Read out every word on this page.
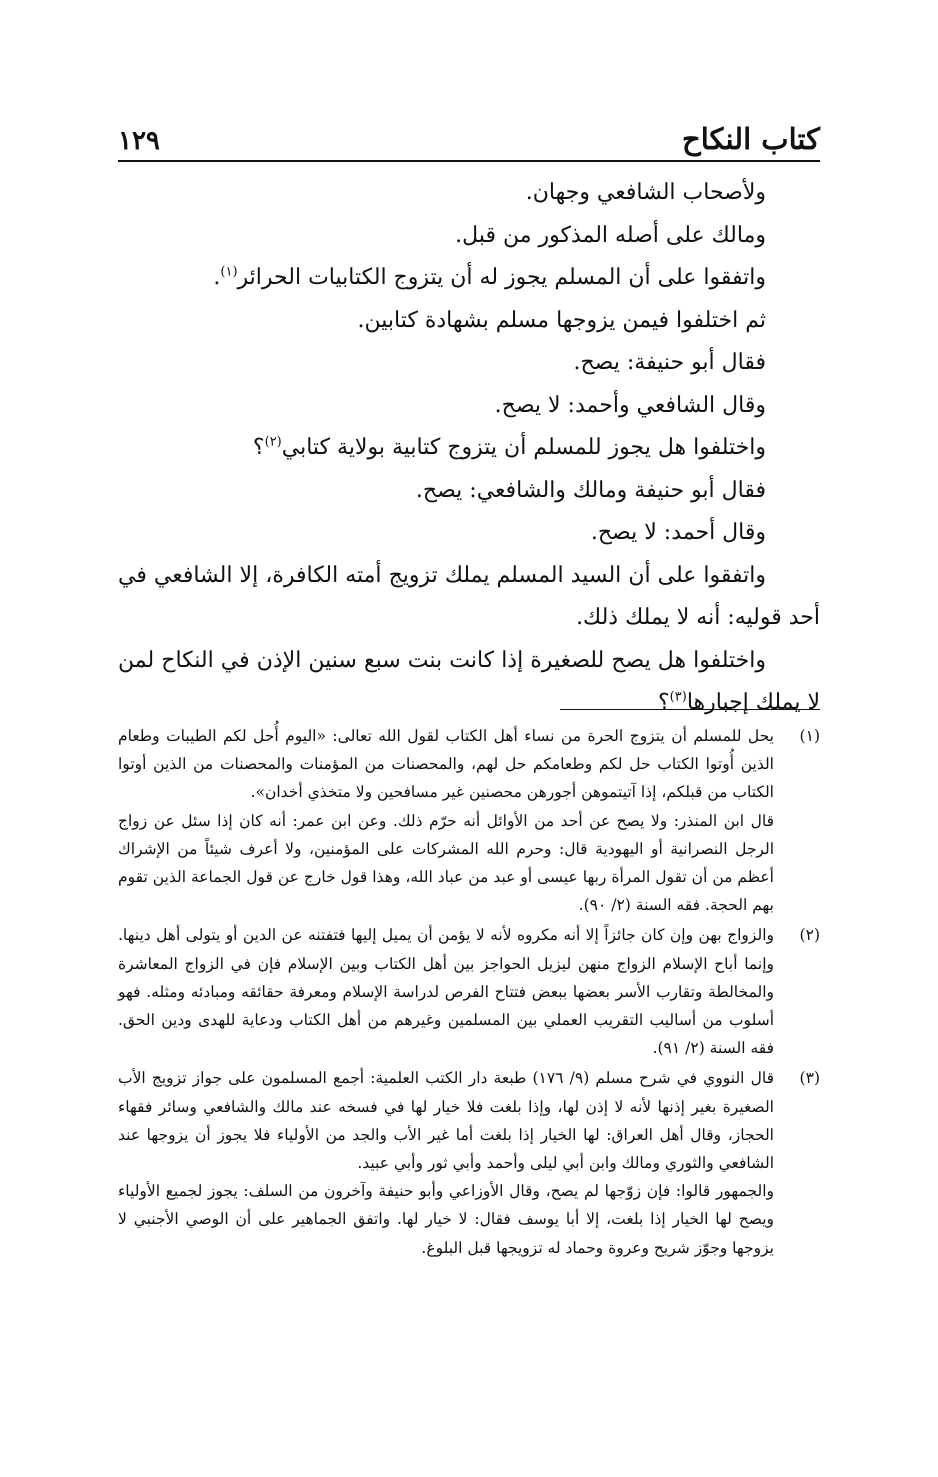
كتاب النكاح
١٢٩

ولأصحاب الشافعي وجهان.

ومالك على أصله المذكور من قبل.

واتفقوا على أن المسلم يجوز له أن يتزوج الكتابيات الحرائر$^{(١)}$.

ثم اختلفوا فيمن يزوجها مسلم بشهادة كتابين.

فقال أبو حنيفة: يصح.

وقال الشافعي وأحمد: لا يصح.

واختلفوا هل يجوز للمسلم أن يتزوج كتابية بولاية كتابي$^{(٢)}$؟

فقال أبو حنيفة ومالك والشافعي: يصح.

وقال أحمد: لا يصح.

واتفقوا على أن السيد المسلم يملك تزويج أمته الكافرة، إلا الشافعي في أحد قوليه: أنه لا يملك ذلك.

واختلفوا هل يصح للصغيرة إذا كانت بنت سبع سنين الإذن في النكاح لمن لا يملك إجبارها$^{(٣)}$؟

(١)

يحل للمسلم أن يتزوج الحرة من نساء أهل الكتاب لقول الله تعالى: «اليوم أُحل لكم الطيبات وطعام الذين أُوتوا الكتاب حل لكم وطعامكم حل لهم، والمحصنات من المؤمنات والمحصنات من الذين أوتوا الكتاب من قبلكم، إذا آتيتموهن أجورهن محصنين غير مسافحين ولا متخذي أخدان».

قال ابن المنذر: ولا يصح عن أحد من الأوائل أنه حرّم ذلك. وعن ابن عمر: أنه كان إذا سئل عن زواج الرجل النصرانية أو اليهودية قال: وحرم الله المشركات على المؤمنين، ولا أعرف شيئاً من الإشراك أعظم من أن تقول المرأة ربها عيسى أو عبد من عباد الله، وهذا قول خارج عن قول الجماعة الذين تقوم بهم الحجة. فقه السنة (٢/ ٩٠).

(٢)

والزواج بهن وإن كان جائزاً إلا أنه مكروه لأنه لا يؤمن أن يميل إليها فتفتنه عن الدين أو يتولى أهل دينها. وإنما أباح الإسلام الزواج منهن ليزيل الحواجز بين أهل الكتاب وبين الإسلام فإن في الزواج المعاشرة والمخالطة وتقارب الأسر بعضها ببعض فتتاح الفرص لدراسة الإسلام ومعرفة حقائقه ومبادئه ومثله. فهو أسلوب من أساليب التقريب العملي بين المسلمين وغيرهم من أهل الكتاب ودعاية للهدى ودين الحق. فقه السنة (٢/ ٩١).

(٣)

قال النووي في شرح مسلم (٩/ ١٧٦) طبعة دار الكتب العلمية: أجمع المسلمون على جواز تزويج الأب الصغيرة بغير إذنها لأنه لا إذن لها، وإذا بلغت فلا خيار لها في فسخه عند مالك والشافعي وسائر فقهاء الحجاز، وقال أهل العراق: لها الخيار إذا بلغت أما غير الأب والجد من الأولياء فلا يجوز أن يزوجها عند الشافعي والثوري ومالك وابن أبي ليلى وأحمد وأبي ثور وأبي عبيد.

والجمهور قالوا: فإن زوّجها لم يصح، وقال الأوزاعي وأبو حنيفة وآخرون من السلف: يجوز لجميع الأولياء ويصح لها الخيار إذا بلغت، إلا أبا يوسف فقال: لا خيار لها. واتفق الجماهير على أن الوصي الأجنبي لا يزوجها وجوّز شريح وعروة وحماد له تزويجها قبل البلوغ.
